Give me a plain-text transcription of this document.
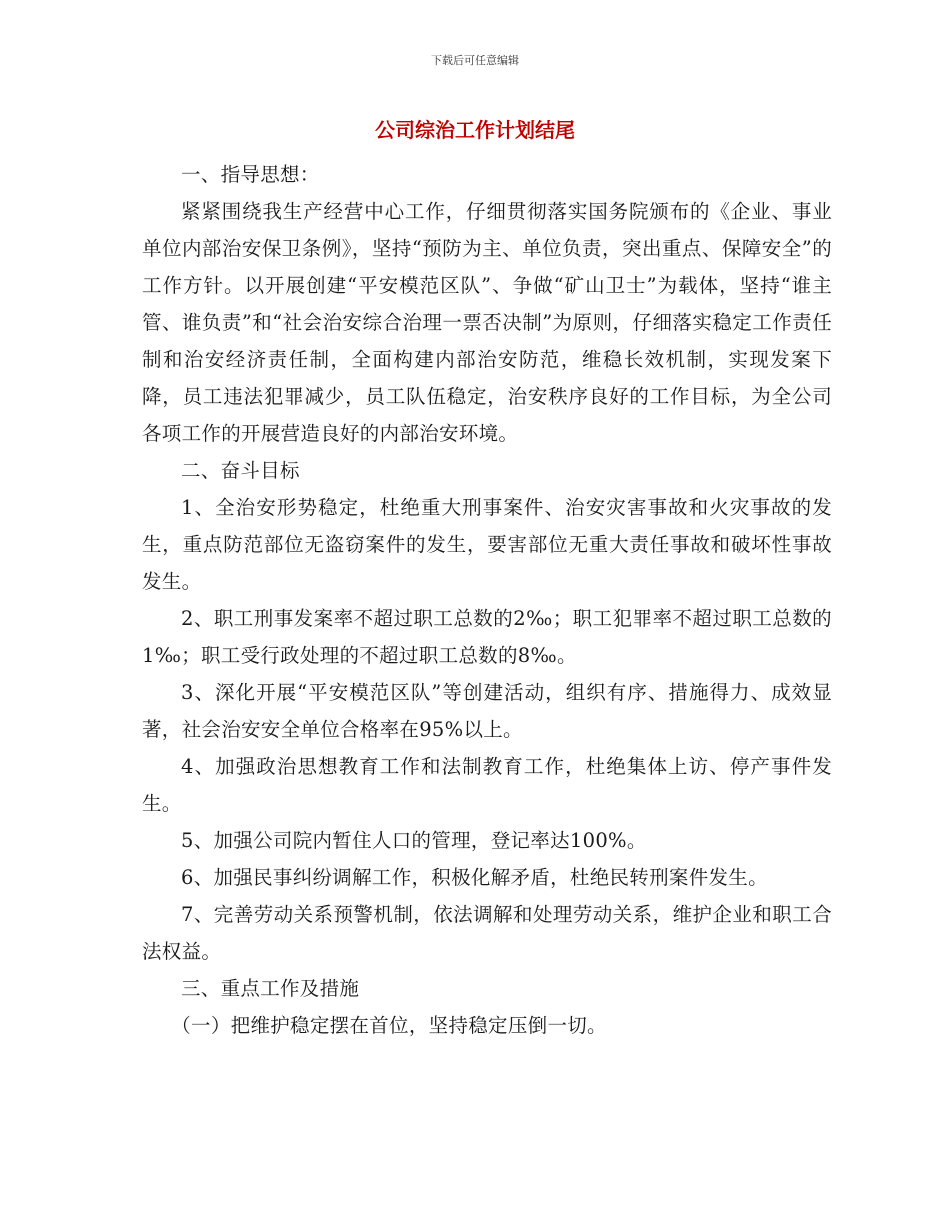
下载后可任意编辑
公司综治工作计划结尾

一、指导思想：

紧紧围绕我生产经营中心工作，仔细贯彻落实国务院颁布的《企业、事业单位内部治安保卫条例》，坚持“预防为主、单位负责，突出重点、保障安全”的工作方针。以开展创建“平安模范区队”、争做“矿山卫士”为载体，坚持“谁主管、谁负责”和“社会治安综合治理一票否决制”为原则，仔细落实稳定工作责任制和治安经济责任制，全面构建内部治安防范，维稳长效机制，实现发案下降，员工违法犯罪减少，员工队伍稳定，治安秩序良好的工作目标，为全公司各项工作的开展营造良好的内部治安环境。

二、奋斗目标

1、全治安形势稳定，杜绝重大刑事案件、治安灾害事故和火灾事故的发生，重点防范部位无盗窃案件的发生，要害部位无重大责任事故和破坏性事故发生。

2、职工刑事发案率不超过职工总数的2‰；职工犯罪率不超过职工总数的1‰；职工受行政处理的不超过职工总数的8‰。

3、深化开展“平安模范区队”等创建活动，组织有序、措施得力、成效显著，社会治安安全单位合格率在95%以上。

4、加强政治思想教育工作和法制教育工作，杜绝集体上访、停产事件发生。

5、加强公司院内暂住人口的管理，登记率达100%。

6、加强民事纠纷调解工作，积极化解矛盾，杜绝民转刑案件发生。

7、完善劳动关系预警机制，依法调解和处理劳动关系，维护企业和职工合法权益。

三、重点工作及措施

（一）把维护稳定摆在首位，坚持稳定压倒一切。
